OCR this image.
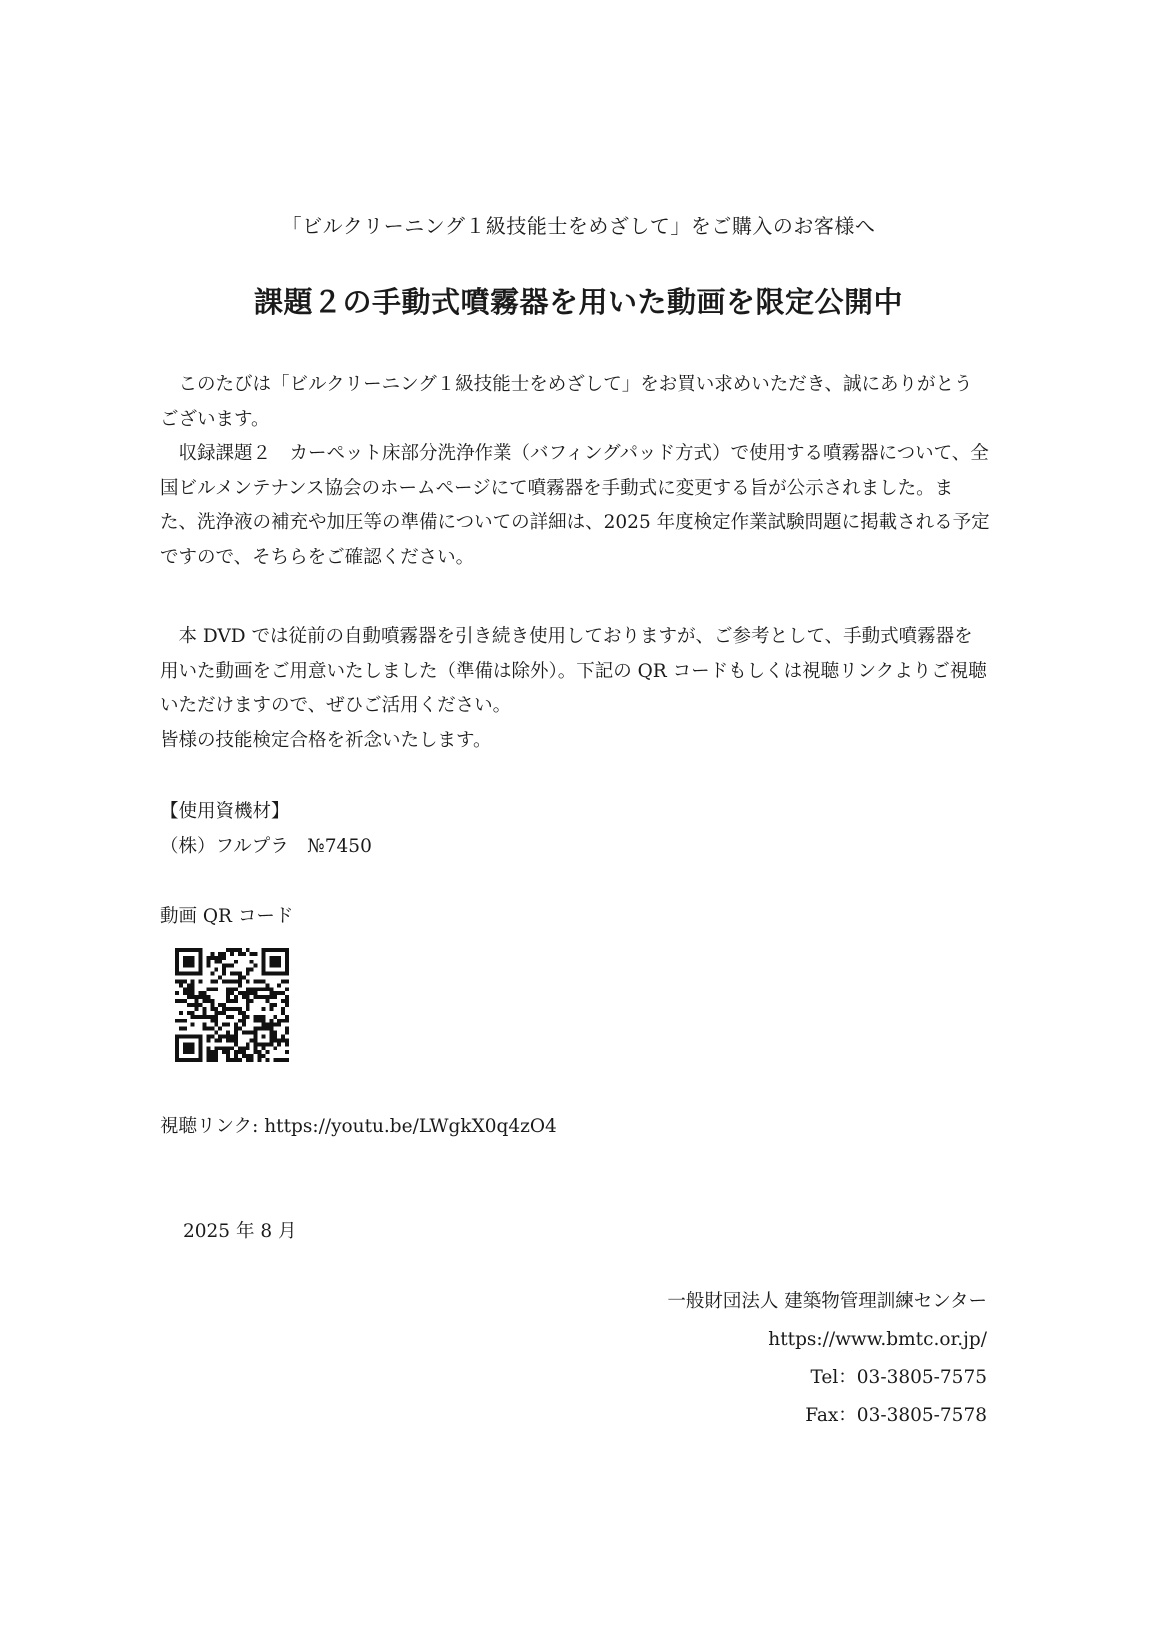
「ビルクリーニング１級技能士をめざして」をご購入のお客様へ
課題２の手動式噴霧器を用いた動画を限定公開中

このたびは「ビルクリーニング１級技能士をめざして」をお買い求めいただき、誠にありがとうございます。

収録課題２　カーペット床部分洗浄作業（バフィングパッド方式）で使用する噴霧器について、全国ビルメンテナンス協会のホームページにて噴霧器を手動式に変更する旨が公示されました。また、洗浄液の補充や加圧等の準備についての詳細は、2025 年度検定作業試験問題に掲載される予定ですので、そちらをご確認ください。

本 DVD では従前の自動噴霧器を引き続き使用しておりますが、ご参考として、手動式噴霧器を用いた動画をご用意いたしました（準備は除外）。下記の QR コードもしくは視聴リンクよりご視聴いただけますので、ぜひご活用ください。

皆様の技能検定合格を祈念いたします。

【使用資機材】
（株）フルプラ　№7450
動画 QR コード
視聴リンク: https://youtu.be/LWgkX0q4zO4
2025 年 8 月
一般財団法人 建築物管理訓練センター
https://www.bmtc.or.jp/
Tel：03-3805-7575
Fax：03-3805-7578
